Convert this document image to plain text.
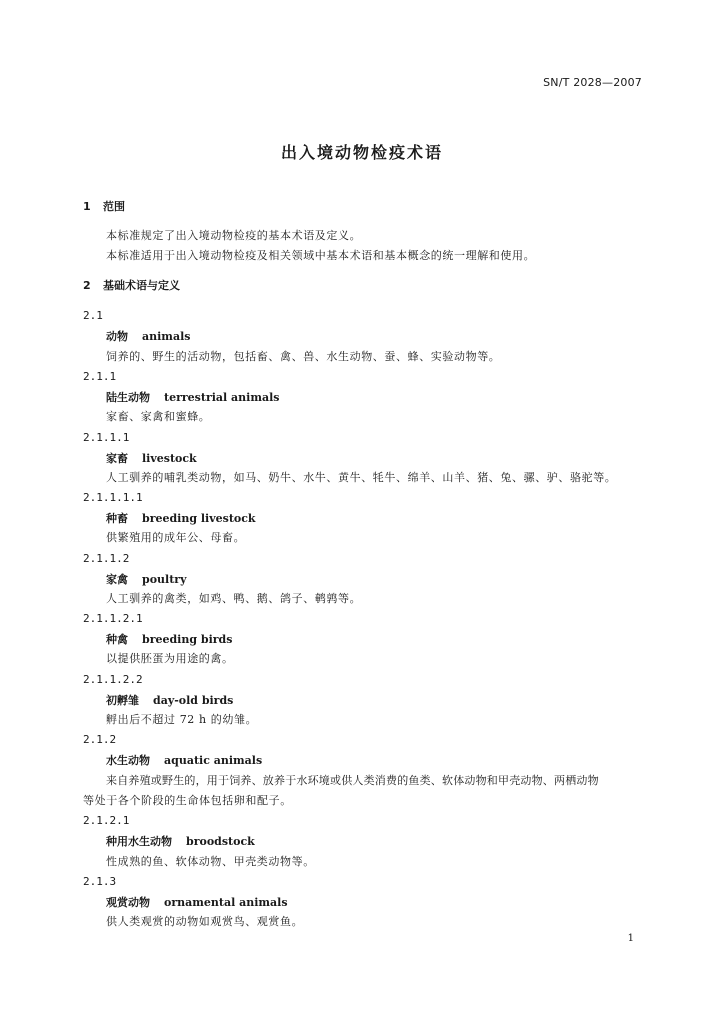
SN/T 2028—2007
出入境动物检疫术语
1 范围
本标准规定了出入境动物检疫的基本术语及定义。
本标准适用于出入境动物检疫及相关领域中基本术语和基本概念的统一理解和使用。
2 基础术语与定义
2.1
动物 animals
饲养的、野生的活动物，包括畜、禽、兽、水生动物、蚕、蜂、实验动物等。
2.1.1
陆生动物 terrestrial animals
家畜、家禽和蜜蜂。
2.1.1.1
家畜 livestock
人工驯养的哺乳类动物，如马、奶牛、水牛、黄牛、牦牛、绵羊、山羊、猪、兔、骡、驴、骆驼等。
2.1.1.1.1
种畜 breeding livestock
供繁殖用的成年公、母畜。
2.1.1.2
家禽 poultry
人工驯养的禽类，如鸡、鸭、鹅、鸽子、鹌鹑等。
2.1.1.2.1
种禽 breeding birds
以提供胚蛋为用途的禽。
2.1.1.2.2
初孵雏 day-old birds
孵出后不超过 72 h 的幼雏。
2.1.2
水生动物 aquatic animals
来自养殖或野生的，用于饲养、放养于水环境或供人类消费的鱼类、软体动物和甲壳动物、两栖动物
等处于各个阶段的生命体包括卵和配子。
2.1.2.1
种用水生动物 broodstock
性成熟的鱼、软体动物、甲壳类动物等。
2.1.3
观赏动物 ornamental animals
供人类观赏的动物如观赏鸟、观赏鱼。
1
